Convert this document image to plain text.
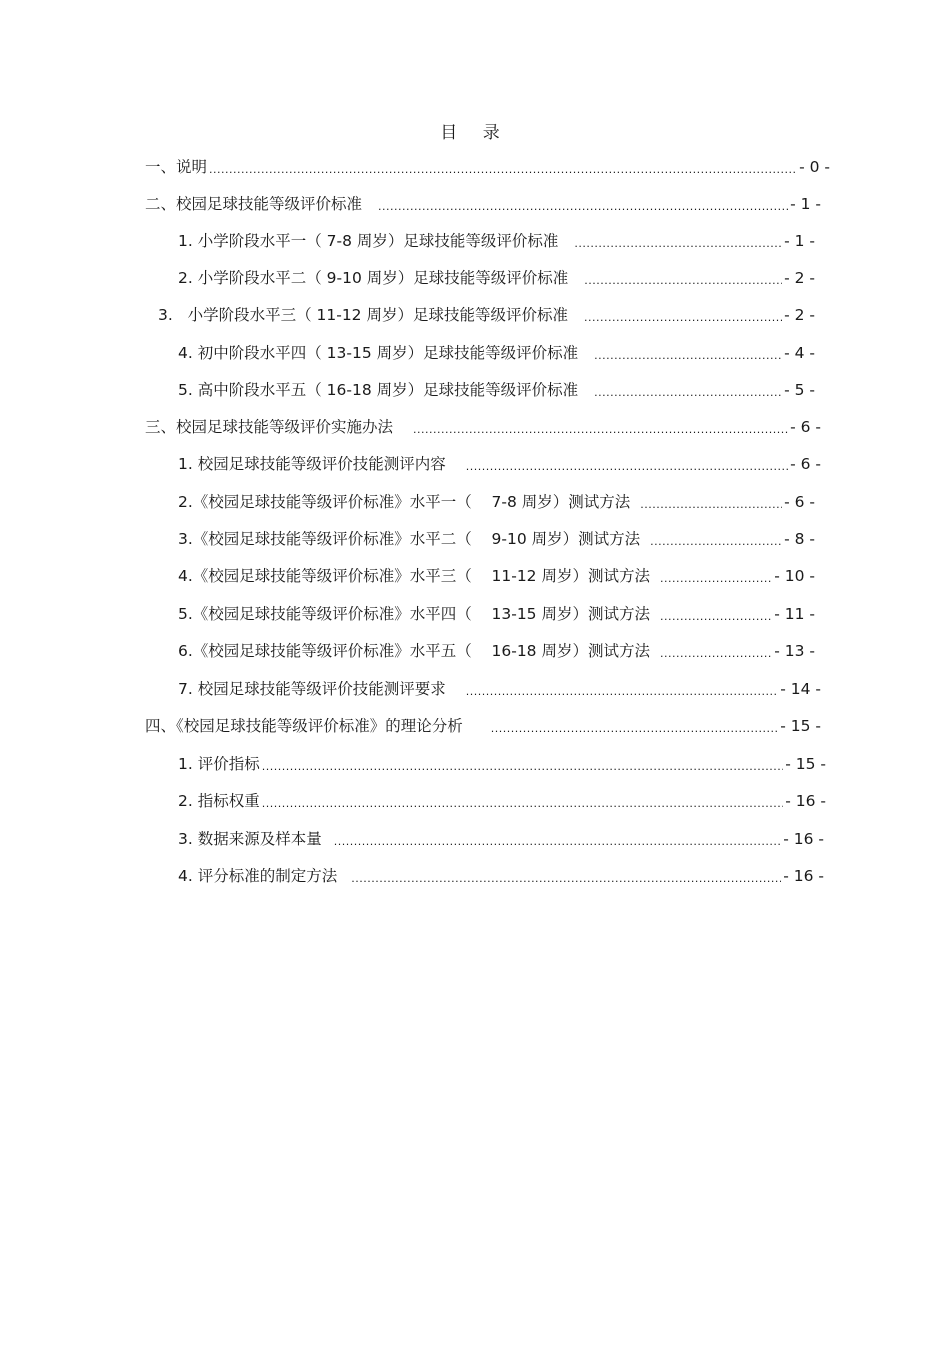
目 录
一、说明 .....	- 0 -
二、校园足球技能等级评价标准 .....	- 1 -
1. 小学阶段水平一（ 7-8 周岁）足球技能等级评价标准 .....	- 1 -
2. 小学阶段水平二（ 9-10 周岁）足球技能等级评价标准 .....	- 2 -
3.   小学阶段水平三（ 11-12 周岁）足球技能等级评价标准 .....	- 2 -
4. 初中阶段水平四（ 13-15 周岁）足球技能等级评价标准 .....	- 4 -
5. 高中阶段水平五（ 16-18 周岁）足球技能等级评价标准 .....	- 5 -
三、校园足球技能等级评价实施办法 .....	- 6 -
1. 校园足球技能等级评价技能测评内容 .....	- 6 -
2.《校园足球技能等级评价标准》水平一（    7-8 周岁）测试方法 .....	- 6 -
3.《校园足球技能等级评价标准》水平二（    9-10 周岁）测试方法 .....	- 8 -
4.《校园足球技能等级评价标准》水平三（    11-12 周岁）测试方法 .....	- 10 -
5.《校园足球技能等级评价标准》水平四（    13-15 周岁）测试方法 .....	- 11 -
6.《校园足球技能等级评价标准》水平五（    16-18 周岁）测试方法 .....	- 13 -
7. 校园足球技能等级评价技能测评要求 .....	- 14 -
四、《校园足球技能等级评价标准》的理论分析 .....	- 15 -
1. 评价指标 .....	- 15 -
2. 指标权重 .....	- 16 -
3. 数据来源及样本量 .....	- 16 -
4. 评分标准的制定方法 .....	- 16 -
